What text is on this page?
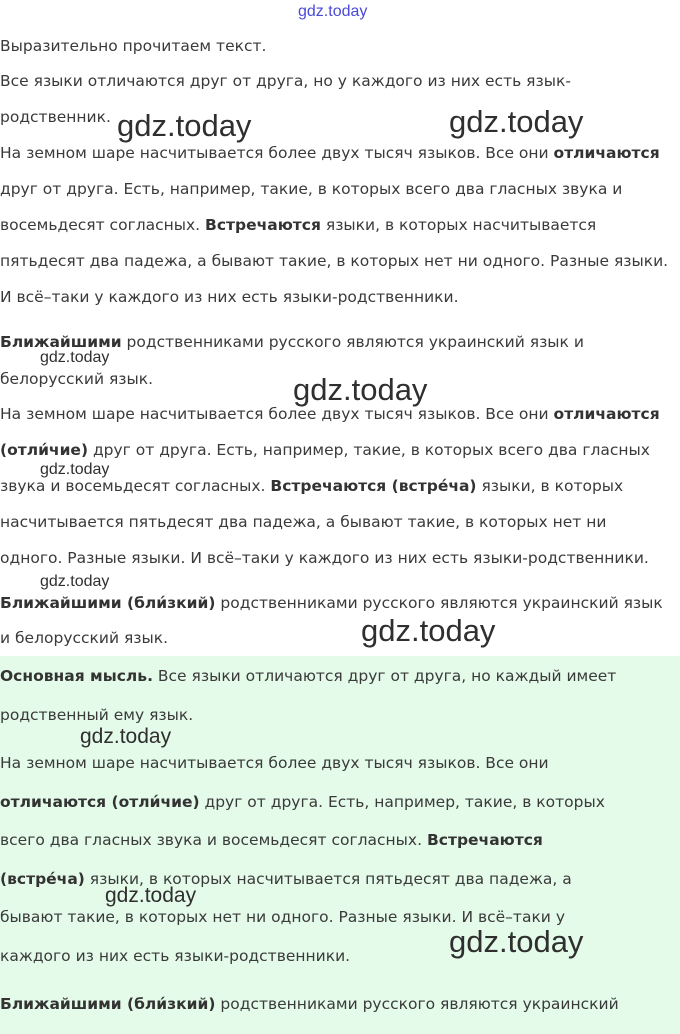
gdz.today
Выразительно прочитаем текст.
Все языки отличаются друг от друга, но у каждого из них есть язык-
родственник.
На земном шаре насчитывается более двух тысяч языков. Все они отличаются
друг от друга. Есть, например, такие, в которых всего два гласных звука и
восемьдесят согласных. Встречаются языки, в которых насчитывается
пятьдесят два падежа, а бывают такие, в которых нет ни одного. Разные языки.
И всё–таки у каждого из них есть языки-родственники.
Ближайшими родственниками русского являются украинский язык и
белорусский язык.
На земном шаре насчитывается более двух тысяч языков. Все они отличаются
(отли́чие) друг от друга. Есть, например, такие, в которых всего два гласных
звука и восемьдесят согласных. Встречаются (встре́ча) языки, в которых
насчитывается пятьдесят два падежа, а бывают такие, в которых нет ни
одного. Разные языки. И всё–таки у каждого из них есть языки-родственники.
Ближайшими (бли́зкий) родственниками русского являются украинский язык
и белорусский язык.
Основная мысль. Все языки отличаются друг от друга, но каждый имеет
родственный ему язык.
На земном шаре насчитывается более двух тысяч языков. Все они
отличаются (отли́чие) друг от друга. Есть, например, такие, в которых
всего два гласных звука и восемьдесят согласных. Встречаются
(встре́ча) языки, в которых насчитывается пятьдесят два падежа, а
бывают такие, в которых нет ни одного. Разные языки. И всё–таки у
каждого из них есть языки-родственники.
Ближайшими (бли́зкий) родственниками русского являются украинский
gdz.today	gdz.today
gdz.today
gdz.today
gdz.today
gdz.today
gdz.today
gdz.today
gdz.today
gdz.today
